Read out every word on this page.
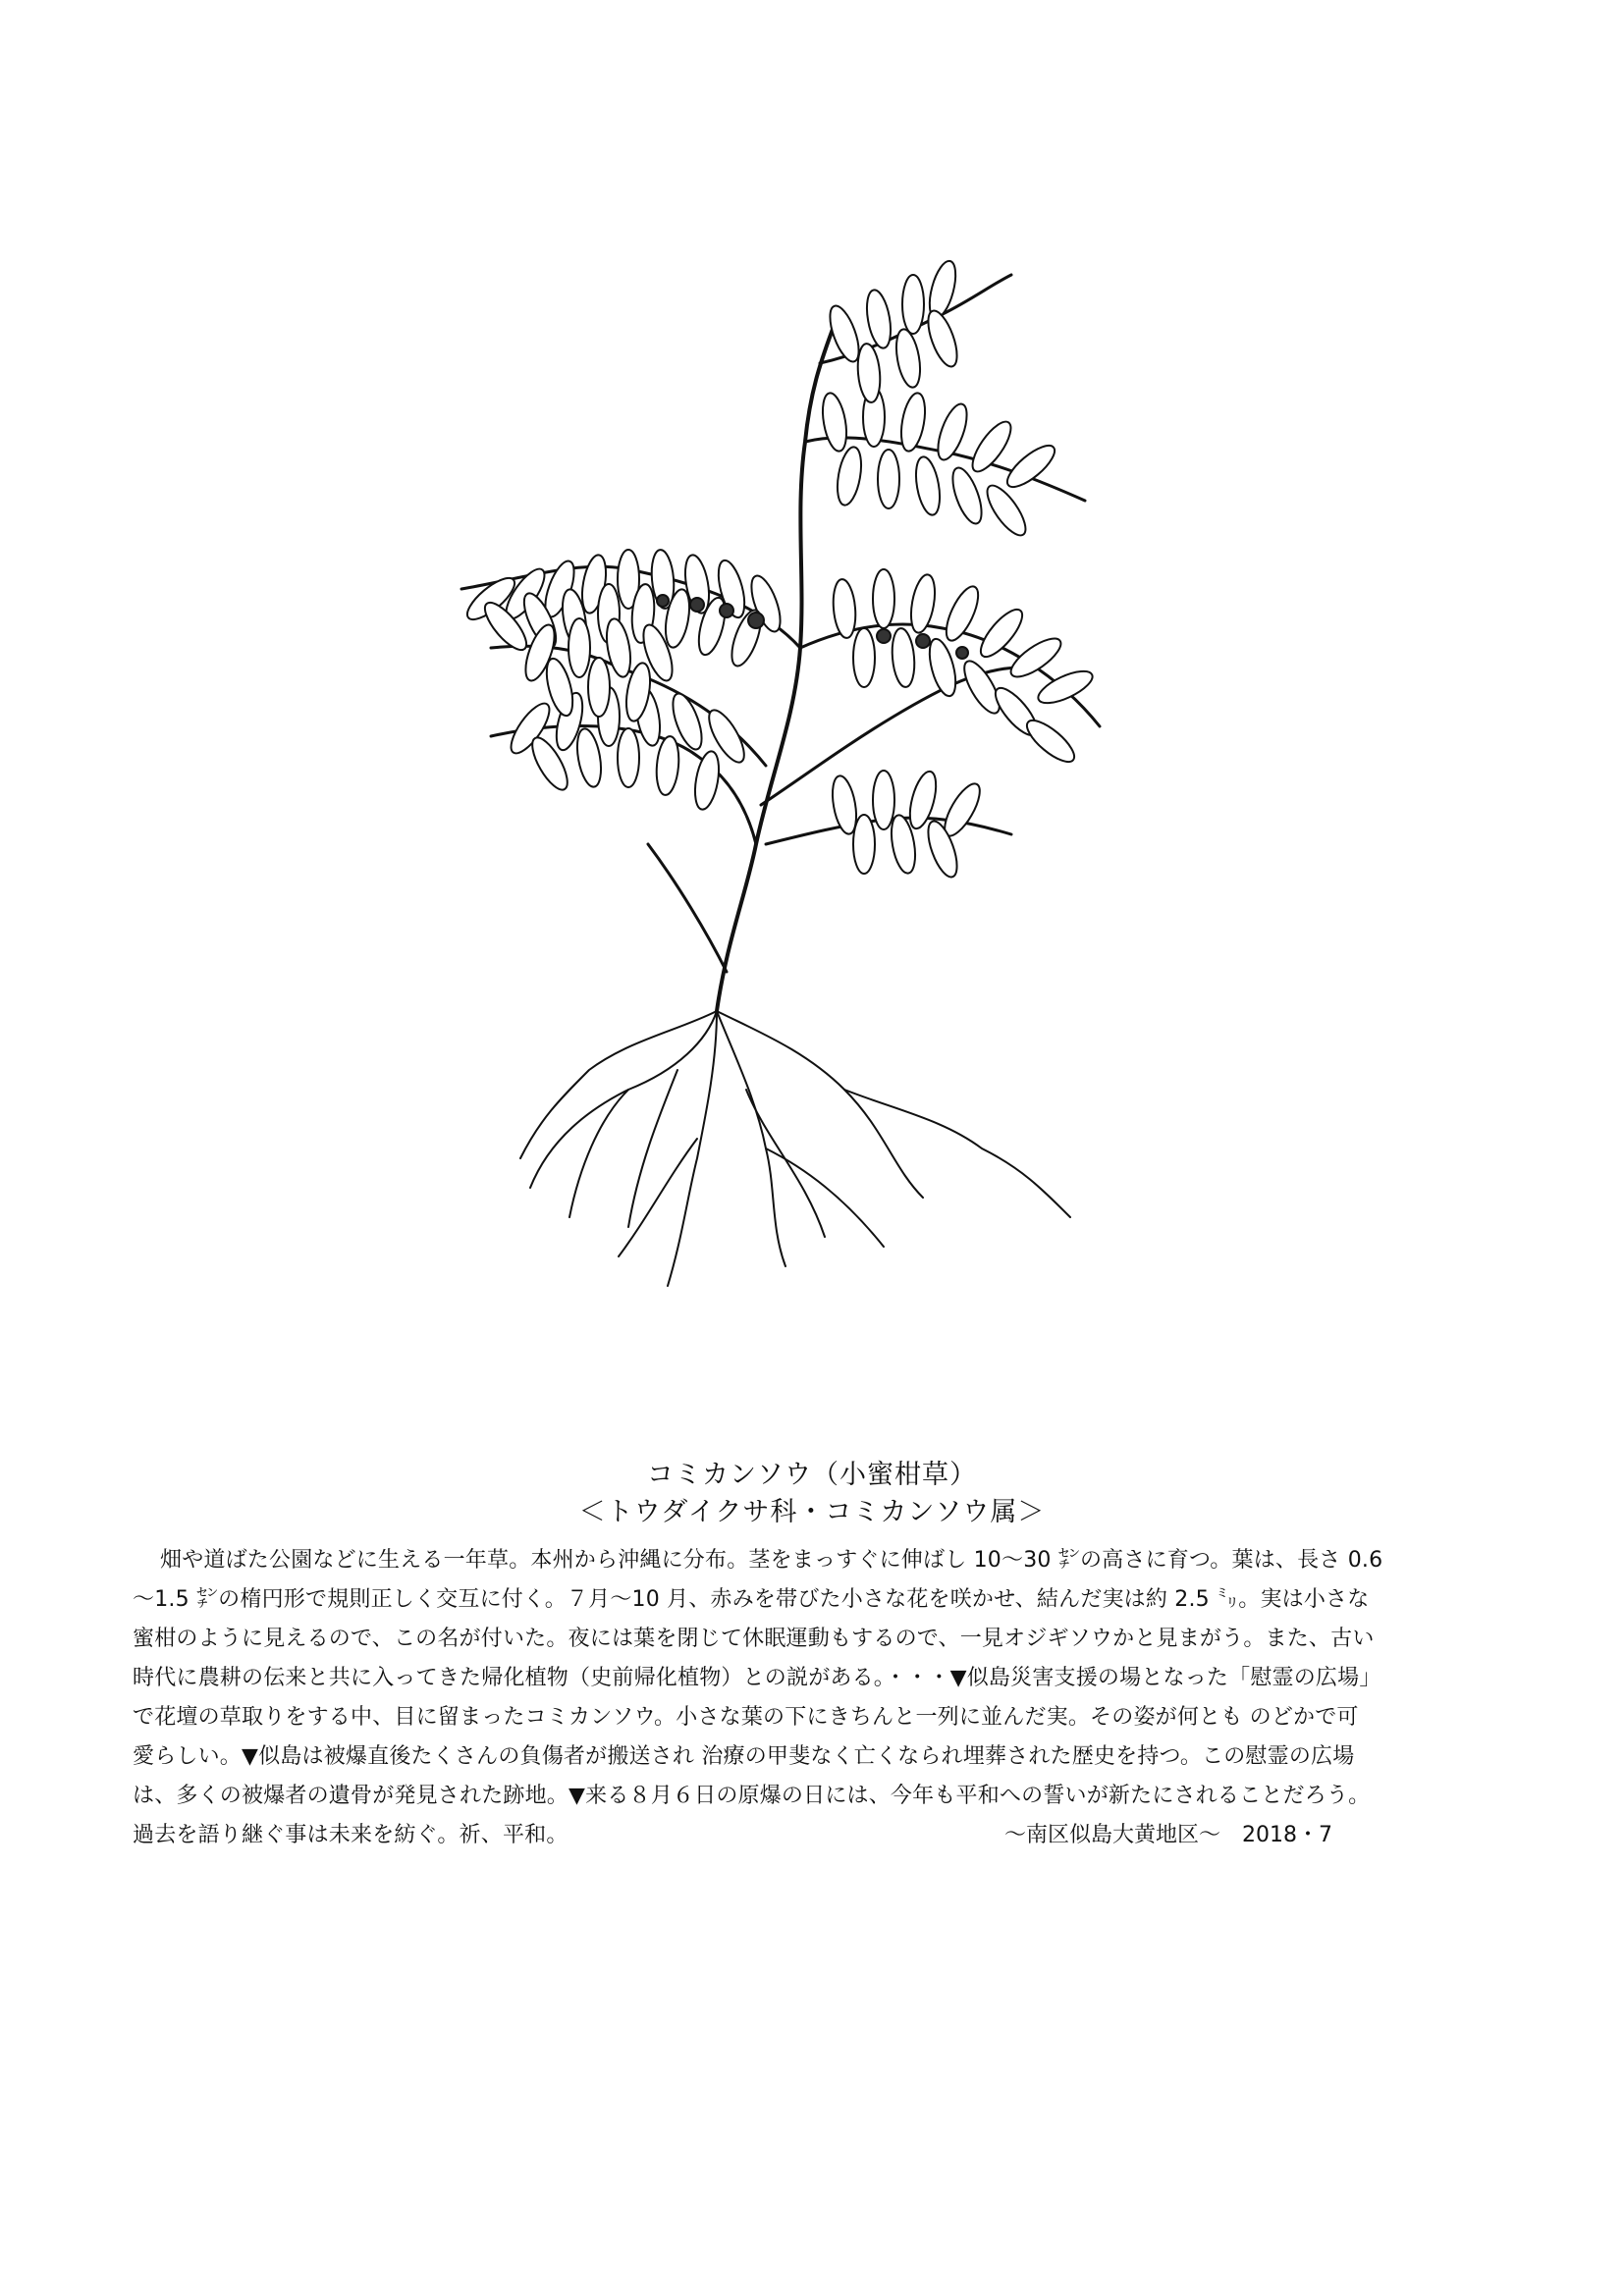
コミカンソウ（小蜜柑草）
＜トウダイクサ科・コミカンソウ属＞
畑や道ばた公園などに生える一年草。本州から沖縄に分布。茎をまっすぐに伸ばし 10〜30 ㌢の高さに育つ。葉は、長さ 0.6
〜1.5 ㌢の楕円形で規則正しく交互に付く。７月〜10 月、赤みを帯びた小さな花を咲かせ、結んだ実は約 2.5 ㍉。実は小さな
蜜柑のように見えるので、この名が付いた。夜には葉を閉じて休眠運動もするので、一見オジギソウかと見まがう。また、古い
時代に農耕の伝来と共に入ってきた帰化植物（史前帰化植物）との説がある。・・・▼似島災害支援の場となった「慰霊の広場」
で花壇の草取りをする中、目に留まったコミカンソウ。小さな葉の下にきちんと一列に並んだ実。その姿が何とも のどかで可
愛らしい。▼似島は被爆直後たくさんの負傷者が搬送され 治療の甲斐なく亡くなられ埋葬された歴史を持つ。この慰霊の広場
は、多くの被爆者の遺骨が発見された跡地。▼来る８月６日の原爆の日には、今年も平和への誓いが新たにされることだろう。
過去を語り継ぐ事は未来を紡ぐ。祈、平和。	〜南区似島大黄地区〜　2018・7
